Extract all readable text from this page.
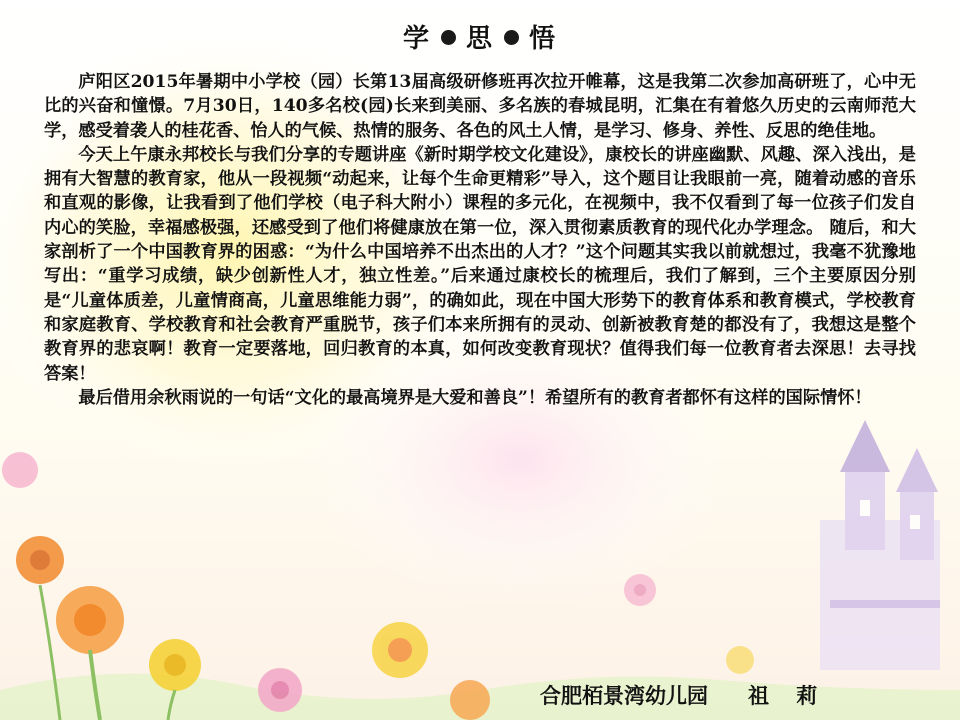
学 思 悟

庐阳区2015年暑期中小学校（园）长第13届高级研修班再次拉开帷幕，这是我第二次参加高研班了，心中无比的兴奋和憧憬。7月30日，140多名校(园)长来到美丽、多名族的春城昆明，汇集在有着悠久历史的云南师范大学，感受着袭人的桂花香、怡人的气候、热情的服务、各色的风土人情，是学习、修身、养性、反思的绝佳地。

今天上午康永邦校长与我们分享的专题讲座《新时期学校文化建设》，康校长的讲座幽默、风趣、深入浅出，是拥有大智慧的教育家，他从一段视频“动起来，让每个生命更精彩”导入，这个题目让我眼前一亮，随着动感的音乐和直观的影像，让我看到了他们学校（电子科大附小）课程的多元化，在视频中，我不仅看到了每一位孩子们发自内心的笑脸，幸福感极强，还感受到了他们将健康放在第一位，深入贯彻素质教育的现代化办学理念。 随后，和大家剖析了一个中国教育界的困惑：“为什么中国培养不出杰出的人才？”这个问题其实我以前就想过，我毫不犹豫地写出：“重学习成绩，缺少创新性人才，独立性差。”后来通过康校长的梳理后，我们了解到，三个主要原因分别是“儿童体质差，儿童情商高，儿童思维能力弱”，的确如此，现在中国大形势下的教育体系和教育模式，学校教育和家庭教育、学校教育和社会教育严重脱节，孩子们本来所拥有的灵动、创新被教育楚的都没有了，我想这是整个教育界的悲哀啊！教育一定要落地，回归教育的本真，如何改变教育现状？值得我们每一位教育者去深思！去寻找答案！

最后借用余秋雨说的一句话“文化的最高境界是大爱和善良”！希望所有的教育者都怀有这样的国际情怀！

合肥栢景湾幼儿园 祖 莉
